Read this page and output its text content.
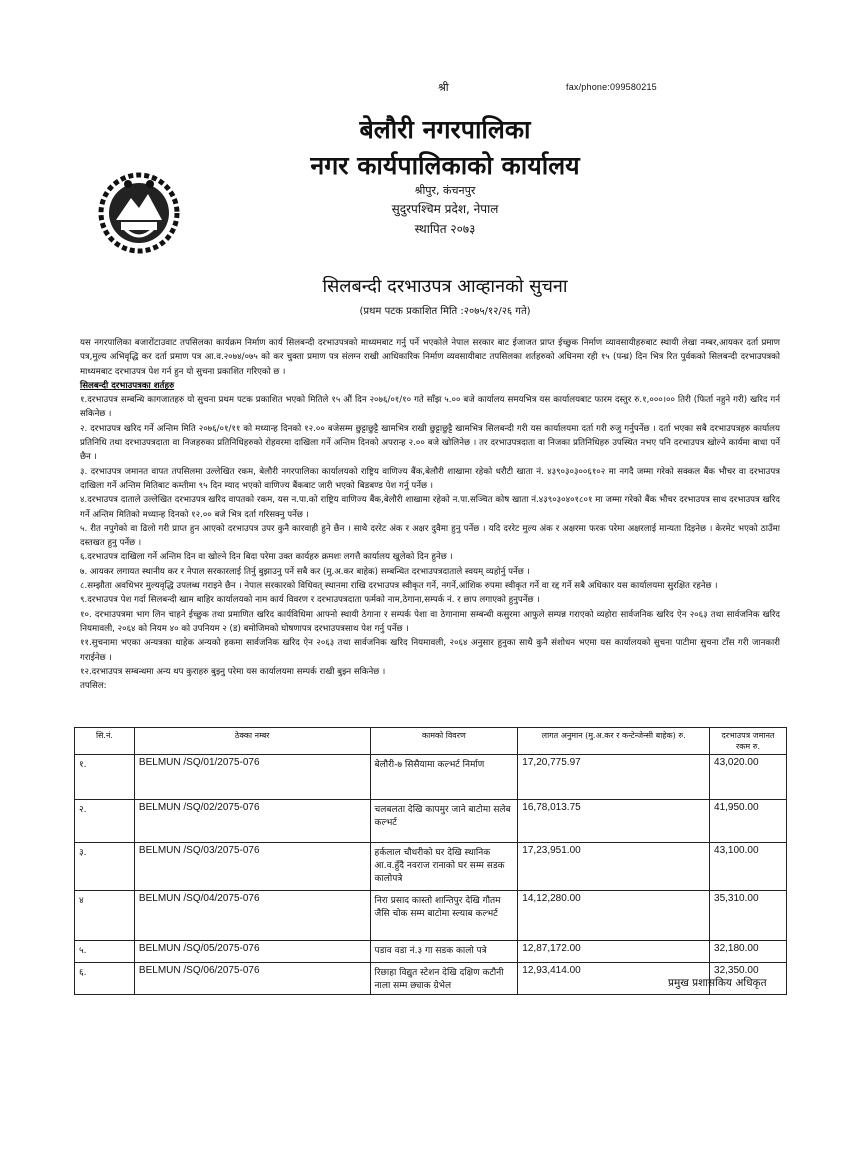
श्री	fax/phone:099580215
बेलौरी नगरपालिका
नगर कार्यपालिकाको कार्यालय
श्रीपुर, कंचनपुर
सुदुरपश्चिम प्रदेश, नेपाल
स्थापित २०७३
सिलबन्दी दरभाउपत्र आव्हानको सुचना
(प्रथम पटक प्रकाशित मिति :२०७५/१२/२६ गते)

यस नगरपालिका बजारोंटाउवाट तपसिलका कार्यक्रम निर्माण कार्य सिलबन्दी दरभाउपत्रको माध्यमबाट गर्नु पर्ने भएकोले नेपाल सरकार बाट ईजाजत प्राप्त ईच्छुक निर्माण व्यावसायीहरुबाट स्थायी लेखा नम्बर,आयकर दर्ता प्रमाण पत्र,मुल्य अभिवृद्धि कर दर्ता प्रमाण पत्र आ.व.२०७४/०७५ को कर चुक्ता प्रमाण पत्र संलग्न राखी आधिकारिक निर्माण व्यवसायीबाट तपसिलका शर्तहरुको अधिनमा रही १५ (पन्ध्र) दिन भित्र रित पुर्वकको सिलबन्दी दरभाउपत्रको माध्यमबाट दरभाउपत्र पेश गर्न हुन यो सुचना प्रकाशित गरिएको छ ।

सिलबन्दी दरभाउपत्रका शर्तहरु

१.दरभाउपत्र सम्बन्धि कागजातहरु यो सुचना प्रथम पटक प्रकाशित भएको मितिले १५ औं दिन २०७६/०१/१० गते साँझ ५.०० बजे कार्यालय समयभित्र यस कार्यालयबाट फारम दस्तुर रु.१,०००।०० तिरी (फिर्ता नहुने गरी) खरिद गर्न सकिनेछ ।

२. दरभाउपत्र खरिद गर्ने अन्तिम मिति २०७६/०१/११ को मध्यान्ह दिनको १२.०० बजेसम्म छुट्टाछुट्टै खामभित्र राखी छुट्टाछुट्टै खामभित्र सिलबन्दी गरी यस कार्यालयमा दर्ता गरी रुजु गर्नुपर्नेछ । दर्ता भएका सबै दरभाउपत्रहरु कार्यालय प्रतिनिधि तथा दरभाउपत्रदाता वा निजहरुका प्रतिनिधिहरुको रोहवरमा दाखिला गर्ने अन्तिम दिनको अपरान्ह २.०० बजे खोलिनेछ । तर दरभाउपत्रदाता वा निजका प्रतिनिधिहरु उपस्थित नभए पनि दरभाउपत्र खोल्ने कार्यमा बाधा पर्ने छैन ।

३. दरभाउपत्र जमानत वापत तपसिलमा उल्लेखित रकम, बेलौरी नगरपालिका कार्यालयको राष्ट्रिय वाणिज्य बैंक,बेलौरी शाखामा रहेको धरौटी खाता नं. ४३९०३०३००६१०२ मा नगदै जम्मा गरेको सक्कल बैंक भौचर वा दरभाउपत्र दाखिला गर्ने अन्तिम मितिबाट कम्तीमा ९५ दिन म्याद भएको वाणिज्य बैंकबाट जारी भएको बिडबण्ड पेश गर्नु पर्नेछ ।

४.दरभाउपत्र दाताले उल्लेखित दरभाउपत्र खरिद वापतको रकम, यस न.पा.को राष्ट्रिय वाणिज्य बैंक,बेलौरी शाखामा रहेको न.पा.सञ्चित कोष खाता नं.४३९०३०४०१८०१ मा जम्मा गरेको बैंक भौचर दरभाउपत्र साथ दरभाउपत्र खरिद गर्ने अन्तिम मितिको मध्यान्ह दिनको १२.०० बजे भित्र दर्ता गरिसक्नु पर्नेछ ।

५. रीत नपुगेको वा ढिलो गरी प्राप्त हुन आएको दरभाउपत्र उपर कुनै कारवाही हुने छैन । साथै दररेट अंक र अक्षर दुवैमा हुनु पर्नेछ । यदि दररेट मुल्य अंक र अक्षरमा फरक परेमा अक्षरलाई मान्यता दिइनेछ । केरमेट भएको ठाउँमा दस्तखत हुनु पर्नेछ ।

६.दरभाउपत्र दाखिला गर्ने अन्तिम दिन वा खोल्ने दिन बिदा परेमा उक्त कार्यहरु क्रमशः लगत्तै कार्यालय खुलेको दिन हुनेछ ।

७. आयकर लगायत स्थानीय कर र नेपाल सरकारलाई तिर्नु बुझाउनु पर्ने सबै कर (मु.अ.कर बाहेक) सम्बन्धित दरभाउपत्रदाताले स्वयम् व्यहोर्नु पर्नेछ ।

८.सम्झौता अवधिभर मुल्यवृद्धि उपलब्ध गराइने छैन । नेपाल सरकारको विधिवत् स्थानमा राखि दरभाउपत्र स्वीकृत गर्ने, नगर्ने,आंशिक रुपमा स्वीकृत गर्ने वा रद्द गर्ने सबै अधिकार यस कार्यालयमा सुरक्षित रहनेछ ।

९.दरभाउपत्र पेश गर्दा सिलबन्दी खाम बाहिर कार्यालयको नाम कार्य विवरण र दरभाउपत्रदाता फर्मको नाम,ठेगाना,सम्पर्क नं. र छाप लगाएको हुनुपर्नेछ ।

१०. दरभाउपत्रमा भाग लिन चाहने ईच्छुक तथा प्रमाणित खरिद कार्यविधिमा आफ्नो स्थायी ठेगाना र सम्पर्क पेशा वा ठेगानामा सम्बन्धी कसुरमा आफुले सम्पन्न गराएको व्यहोरा सार्वजनिक खरिद ऐन २०६३ तथा सार्वजनिक खरिद नियमावली, २०६४ को नियम ४० को उपनियम २ (ड) बमोजिमको घोषणापत्र दरभाउपत्रसाथ पेश गर्नु पर्नेछ ।

११.सुचनामा भएका अन्यत्रका थाहेक अन्यको हकमा सार्वजनिक खरिद ऐन २०६३ तथा सार्वजनिक खरिद नियमावली, २०६४ अनुसार हुनुका साथै कुनै संशोधन भएमा यस कार्यालयको सुचना पाटीमा सुचना टाँस गरी जानकारी गराईनेछ ।

१२.दरभाउपत्र सम्बन्धमा अन्य थप कुराहरु बुझ्नु परेमा यस कार्यालयमा सम्पर्क राखी बुझ्न सकिनेछ ।

तपसिल:

सि.नं.	ठेक्का नम्बर	कामको विवरण	लागत अनुमान (मु.अ.कर र कन्टेन्जेन्सी बाहेक) रु.	दरभाउपत्र जमानत रकम रु.
१.	BELMUN /SQ/01/2075-076	बेलौरी-७ सिसैयामा कल्भर्ट निर्माण	17,20,775.97	43,020.00
२.	BELMUN /SQ/02/2075-076	चलबलता देखि कापमुर जाने बाटोमा सलेब कल्भर्ट	16,78,013.75	41,950.00
३.	BELMUN /SQ/03/2075-076	हर्कलाल चौधरीको घर देखि स्थानिक आ.व.हुँदै नवराज रानाको घर सम्म सडक कालोपत्रे	17,23,951.00	43,100.00
४	BELMUN /SQ/04/2075-076	निरा प्रसाद कास्तो शान्तिपुर देखि गौतम जैसि चोक सम्म बाटोमा स्ल्याब कल्भर्ट	14,12,280.00	35,310.00
५.	BELMUN /SQ/05/2075-076	पडाव वडा नं.३ गा सडक कालो पत्रे	12,87,172.00	32,180.00
६.	BELMUN /SQ/06/2075-076	रिछाहा विद्युत स्टेशन देखि दक्षिण कटौनी नाला सम्म छ्याक ग्रेभेल	12,93,414.00	32,350.00
प्रमुख प्रशासकिय अधिकृत
